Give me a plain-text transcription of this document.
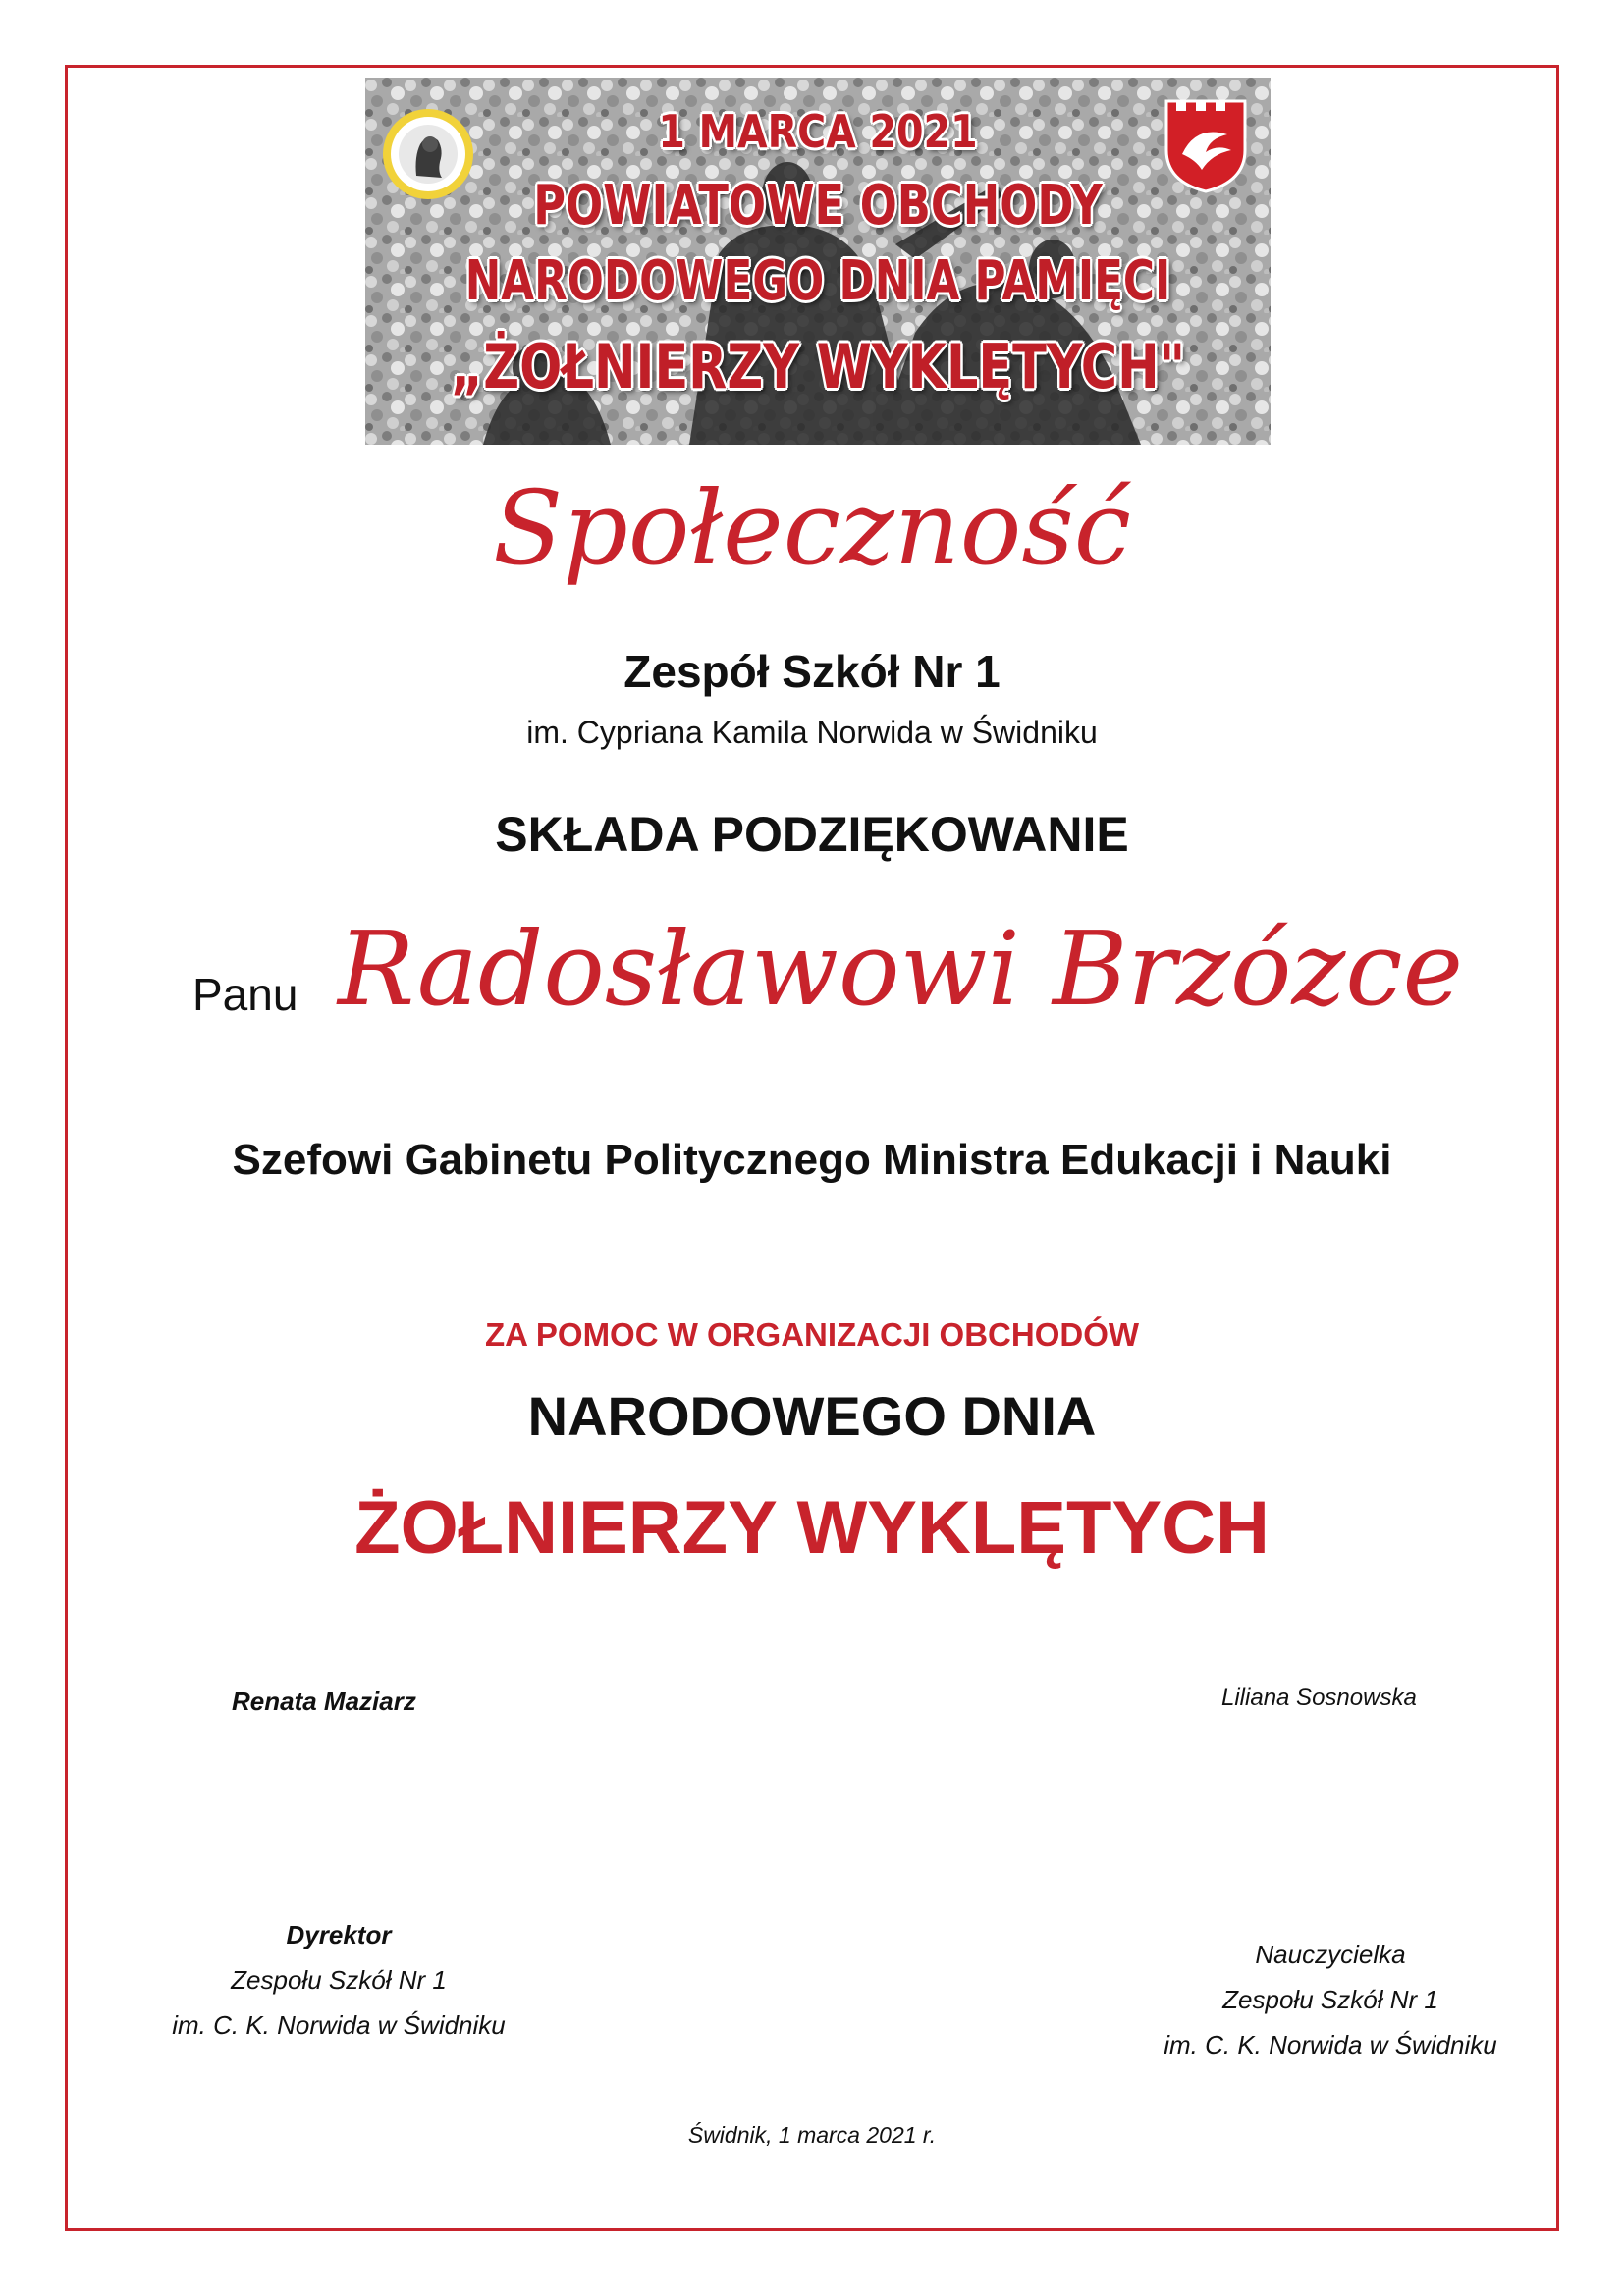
1 MARCA 2021
POWIATOWE OBCHODY
NARODOWEGO DNIA PAMIĘCI
„ŻOŁNIERZY WYKLĘTYCH"
Społeczność
Zespół Szkół Nr 1
im. Cypriana Kamila Norwida w Świdniku
SKŁADA PODZIĘKOWANIE
Panu Radosławowi Brzózce
Szefowi Gabinetu Politycznego Ministra Edukacji i Nauki
ZA POMOC W ORGANIZACJI OBCHODÓW
NARODOWEGO DNIA
ŻOŁNIERZY WYKLĘTYCH
Renata Maziarz	Liliana Sosnowska
Dyrektor
Zespołu Szkół Nr 1
im. C. K. Norwida w Świdniku
Nauczycielka
Zespołu Szkół Nr 1
im. C. K. Norwida w Świdniku
Świdnik, 1 marca 2021 r.
